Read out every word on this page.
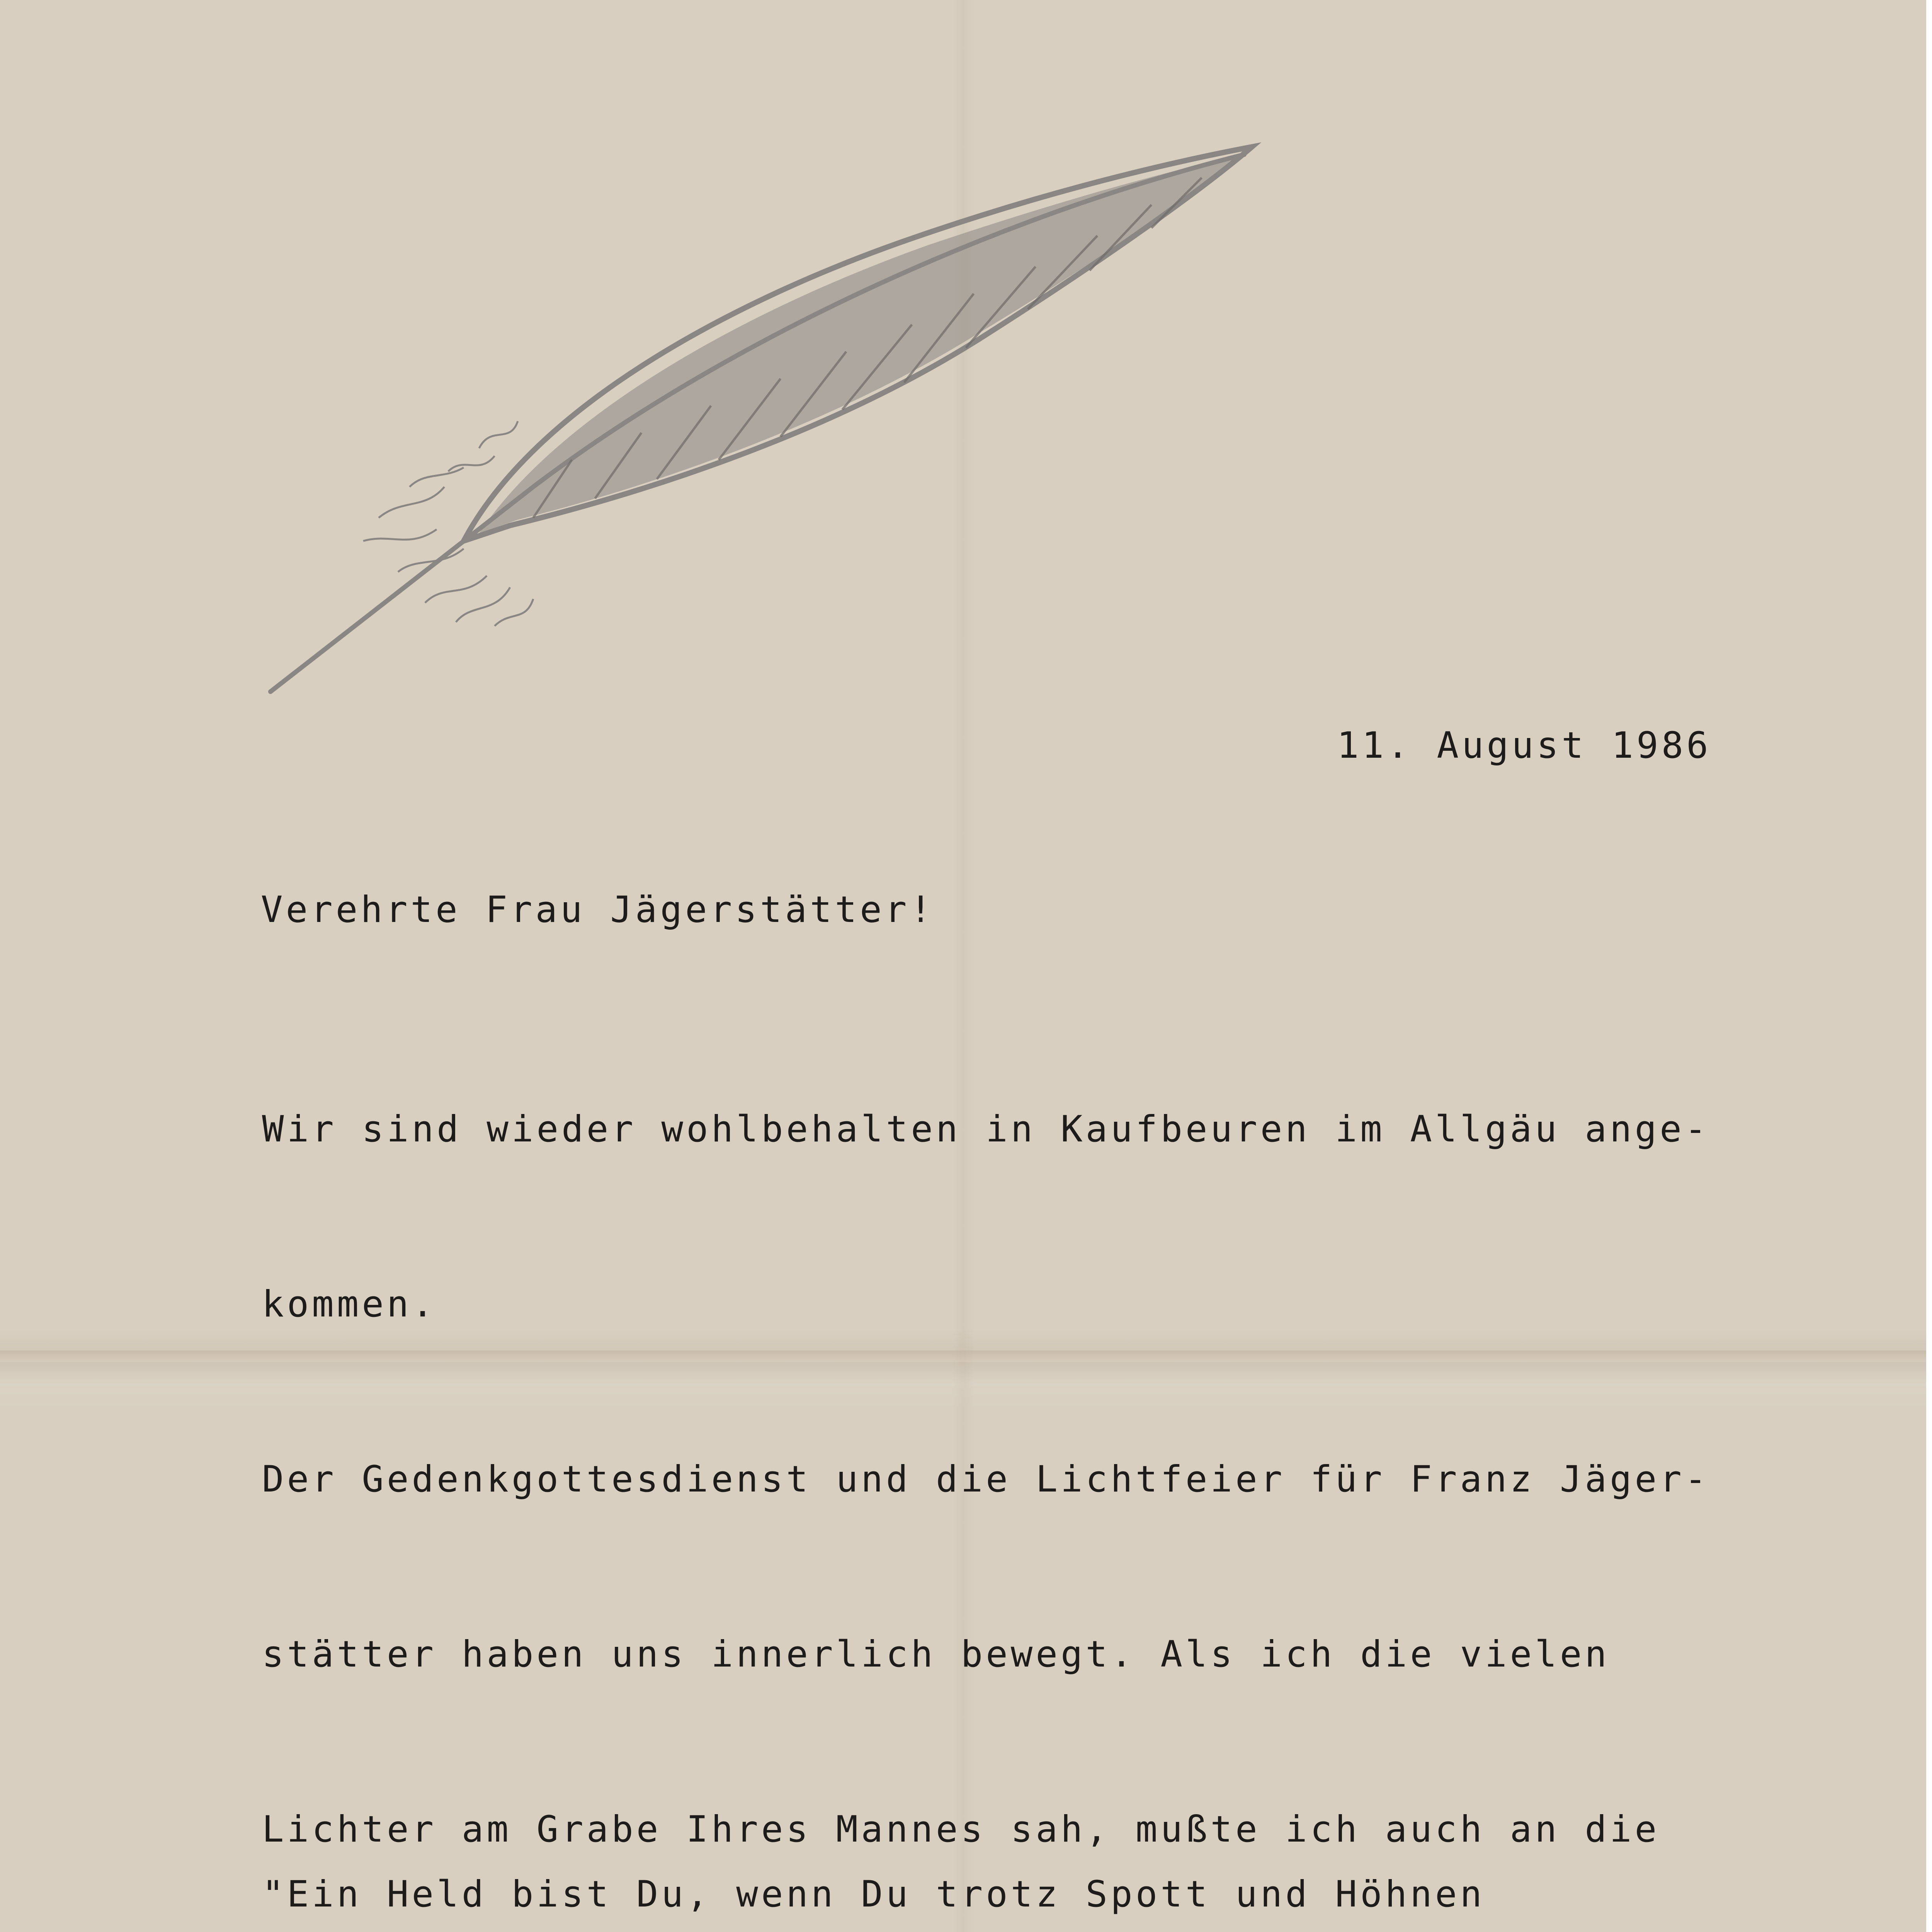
11. August 1986
Verehrte Frau Jägerstätter!

Wir sind wieder wohlbehalten in Kaufbeuren im Allgäu ange-

kommen.

Der Gedenkgottesdienst und die Lichtfeier für Franz Jäger-

stätter haben uns innerlich bewegt. Als ich die vielen

Lichter am Grabe Ihres Mannes sah, mußte ich auch an die

"Ein Held bist Du, wenn Du trotz Spott und Höhnen
